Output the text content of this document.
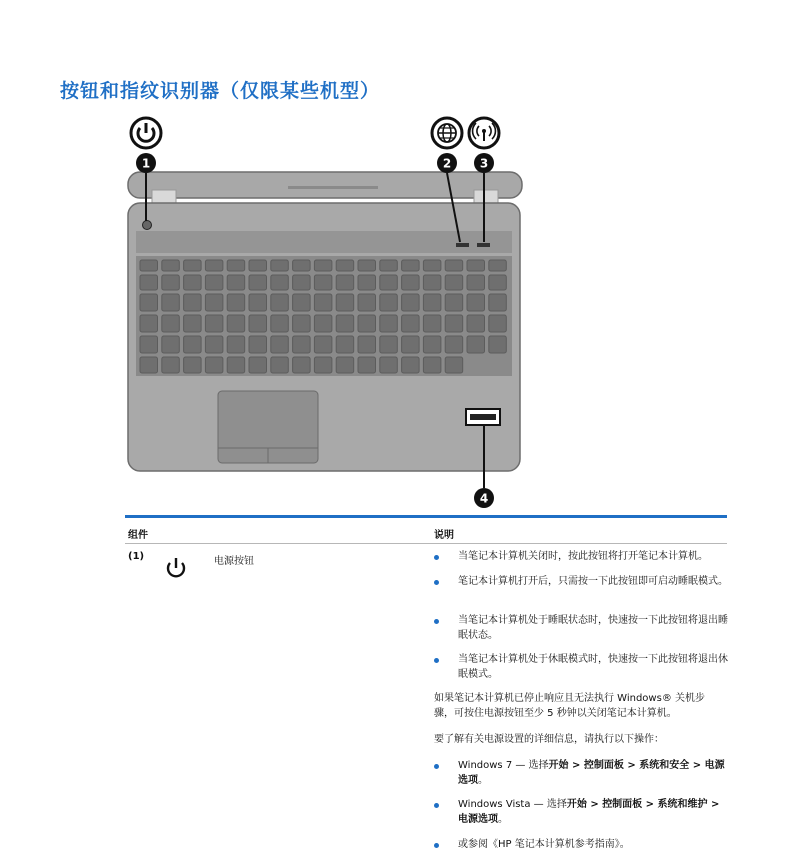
按钮和指纹识别器（仅限某些机型）
1	2 3
4
组件	说明
(1)	电源按钮	当笔记本计算机关闭时，按此按钮将打开笔记本计算机。
笔记本计算机打开后，只需按一下此按钮即可启动睡眠模式。
当笔记本计算机处于睡眠状态时，快速按一下此按钮将退出睡眠状态。
当笔记本计算机处于休眠模式时，快速按一下此按钮将退出休眠模式。
如果笔记本计算机已停止响应且无法执行 Windows® 关机步骤，可按住电源按钮至少 5 秒钟以关闭笔记本计算机。
要了解有关电源设置的详细信息，请执行以下操作：
Windows 7 — 选择开始 > 控制面板 > 系统和安全 > 电源选项。
Windows Vista — 选择开始 > 控制面板 > 系统和维护 > 电源选项。
或参阅《HP 笔记本计算机参考指南》。
